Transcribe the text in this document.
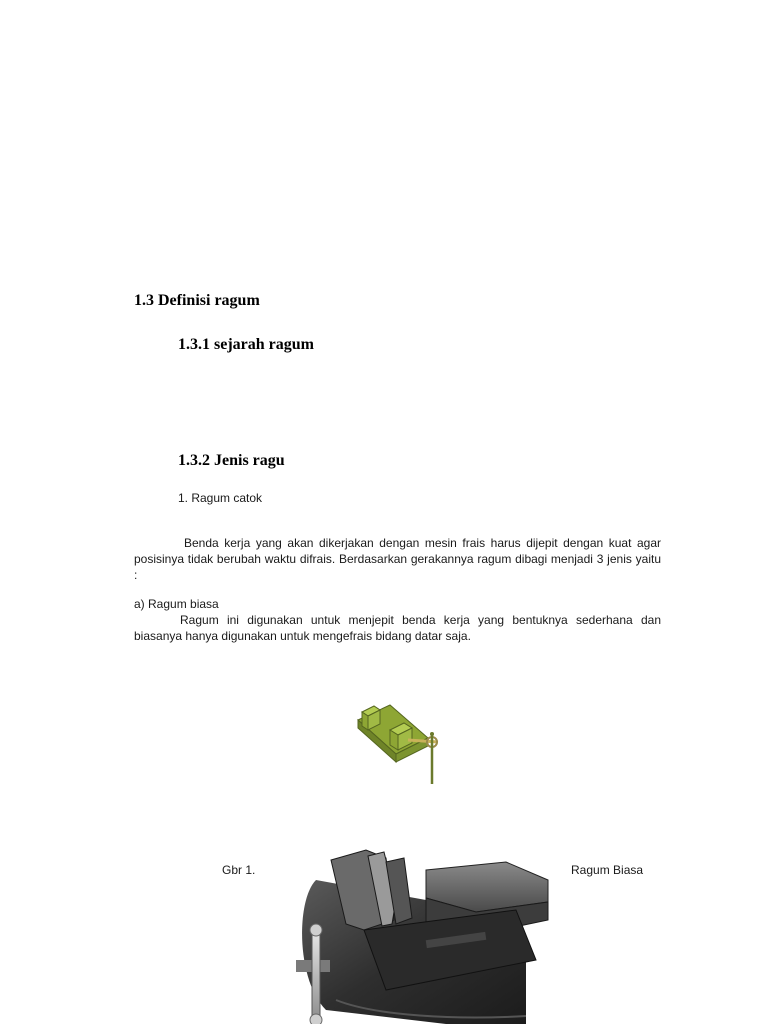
1.3 Definisi ragum
1.3.1 sejarah ragum
1.3.2 Jenis ragu

1. Ragum catok

Benda kerja yang akan dikerjakan dengan mesin frais harus dijepit dengan kuat agar posisinya tidak berubah waktu difrais. Berdasarkan gerakannya ragum dibagi menjadi 3 jenis yaitu :

a) Ragum biasa

Ragum ini digunakan untuk menjepit benda kerja yang bentuknya sederhana dan biasanya hanya digunakan untuk mengefrais bidang datar saja.

Gbr 1.	Ragum Biasa
